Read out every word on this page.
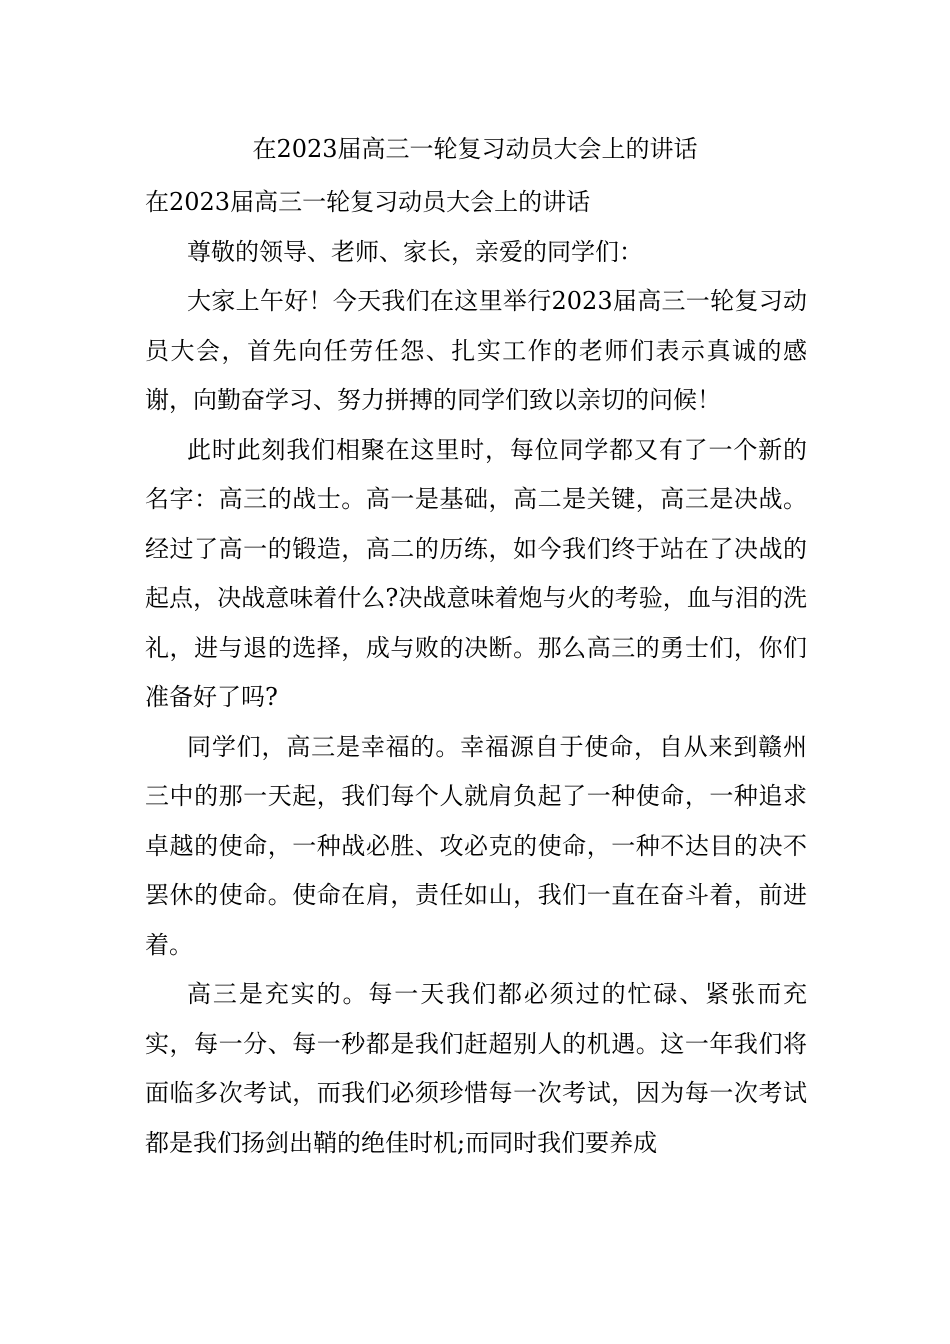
在2023届高三一轮复习动员大会上的讲话

在2023届高三一轮复习动员大会上的讲话

尊敬的领导、老师、家长，亲爱的同学们：

大家上午好！今天我们在这里举行2023届高三一轮复习动员大会，首先向任劳任怨、扎实工作的老师们表示真诚的感谢，向勤奋学习、努力拼搏的同学们致以亲切的问候！

此时此刻我们相聚在这里时，每位同学都又有了一个新的名字：高三的战士。高一是基础，高二是关键，高三是决战。经过了高一的锻造，高二的历练，如今我们终于站在了决战的起点，决战意味着什么?决战意味着炮与火的考验，血与泪的洗礼，进与退的选择，成与败的决断。那么高三的勇士们，你们准备好了吗?

同学们，高三是幸福的。幸福源自于使命，自从来到赣州三中的那一天起，我们每个人就肩负起了一种使命，一种追求卓越的使命，一种战必胜、攻必克的使命，一种不达目的决不罢休的使命。使命在肩，责任如山，我们一直在奋斗着，前进着。

高三是充实的。每一天我们都必须过的忙碌、紧张而充实，每一分、每一秒都是我们赶超别人的机遇。这一年我们将面临多次考试，而我们必须珍惜每一次考试，因为每一次考试都是我们扬剑出鞘的绝佳时机;而同时我们要养成
